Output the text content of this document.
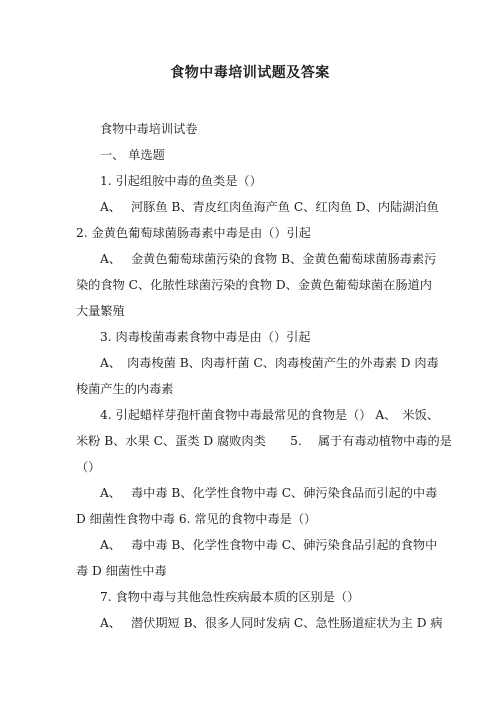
食物中毒培训试题及答案
食物中毒培训试卷
一、 单选题
1. 引起组胺中毒的鱼类是（）
A、　 河豚鱼 B、青皮红肉鱼海产鱼 C、红肉鱼 D、内陆湖泊鱼
2. 金黄色葡萄球菌肠毒素中毒是由（）引起
A、　 金黄色葡萄球菌污染的食物 B、金黄色葡萄球菌肠毒素污
染的食物 C、化脓性球菌污染的食物 D、金黄色葡萄球菌在肠道内
大量繁殖
3. 肉毒梭菌毒素食物中毒是由（）引起
A、　肉毒梭菌 B、肉毒杆菌 C、肉毒梭菌产生的外毒素 D 肉毒
梭菌产生的内毒素
4. 引起蜡样芽孢杆菌食物中毒最常见的食物是（） A、　米饭、
米粉 B、水果 C、蛋类 D 腐败肉类　　5.　 属于有毒动植物中毒的是
（）
A、　 毒中毒 B、化学性食物中毒 C、砷污染食品而引起的中毒
D 细菌性食物中毒 6. 常见的食物中毒是（）
A、　 毒中毒 B、化学性食物中毒 C、砷污染食品引起的食物中
毒 D 细菌性中毒
7. 食物中毒与其他急性疾病最本质的区别是（）
A、　 潜伏期短 B、很多人同时发病 C、急性肠道症状为主 D 病
